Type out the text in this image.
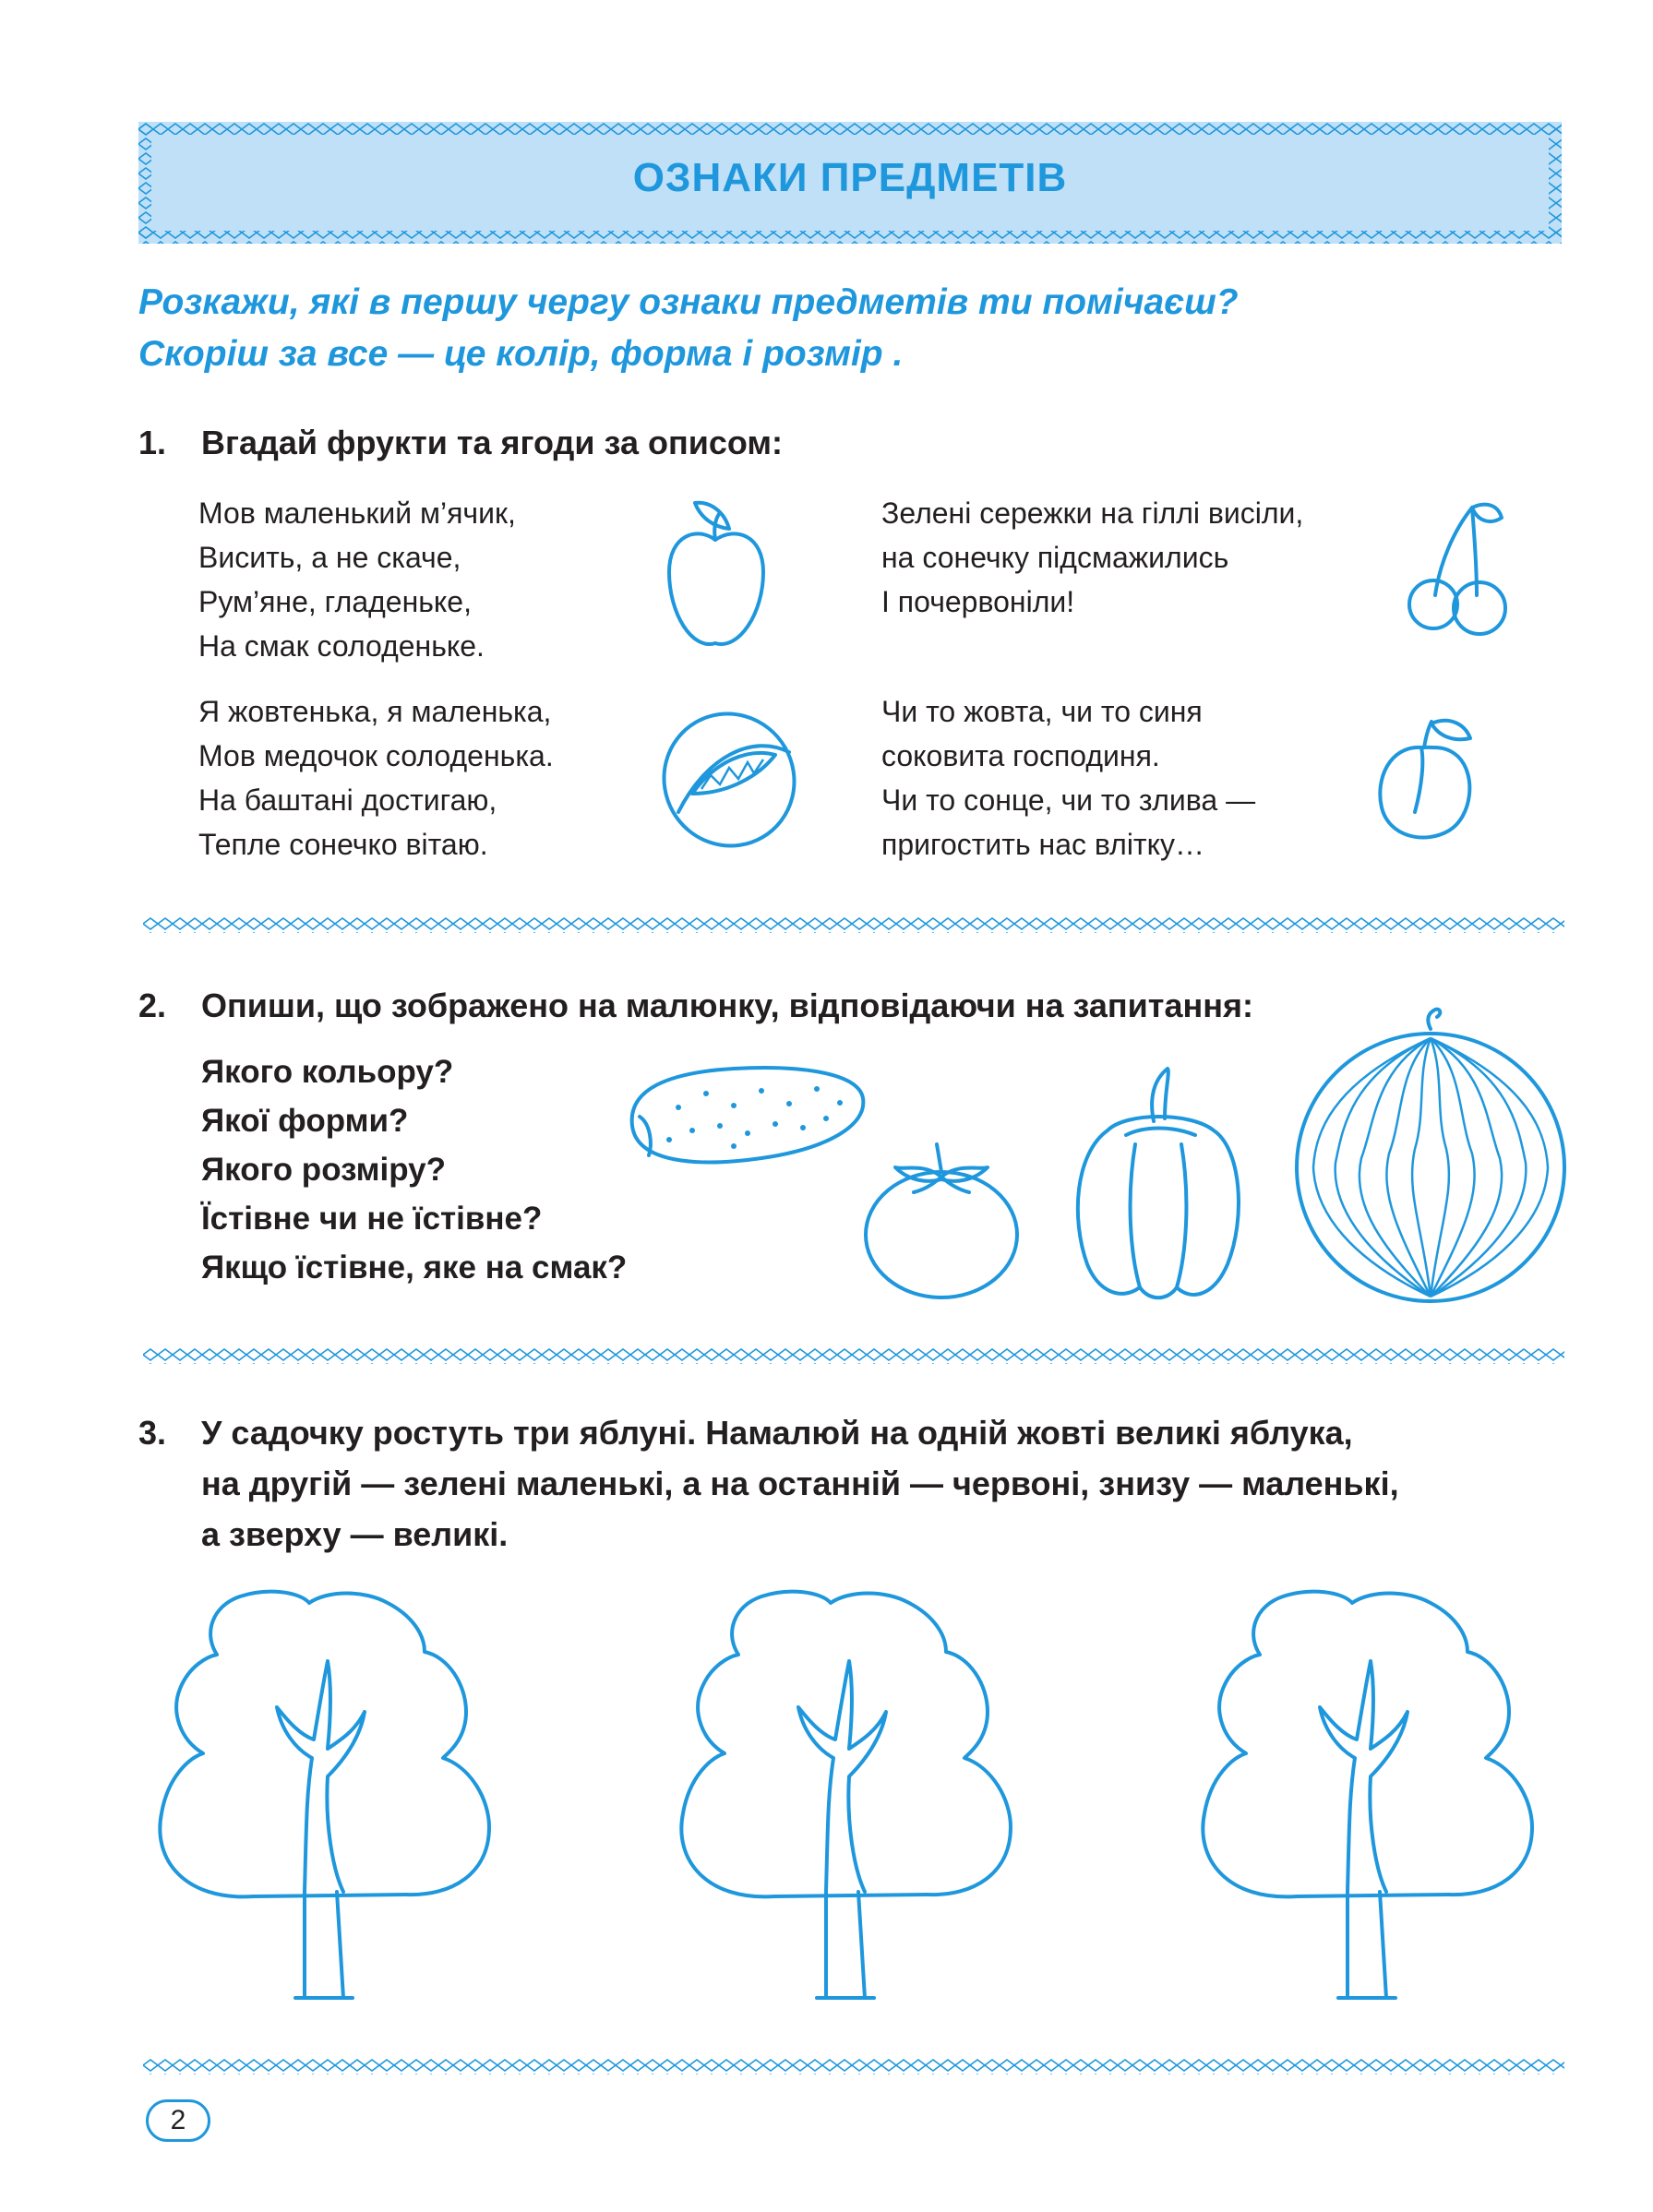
ОЗНАКИ ПРЕДМЕТІВ
Розкажи, які в першу чергу ознаки предметів ти помічаєш?
Скоріш за все — це колір, форма і розмір .
1. Вгадай фрукти та ягоди за описом:
Мов маленький м’ячик,
Висить, а не скаче,
Рум’яне, гладеньке,
На смак солоденьке.
Зелені сережки на гіллі висіли,
на сонечку підсмажились
І почервоніли!
Я жовтенька, я маленька,
Мов медочок солоденька.
На баштані достигаю,
Тепле сонечко вітаю.
Чи то жовта, чи то синя
соковита господиня.
Чи то сонце, чи то злива —
пригостить нас влітку…
2. Опиши, що зображено на малюнку, відповідаючи на запитання:
Якого кольору?
Якої форми?
Якого розміру?
Їстівне чи не їстівне?
Якщо їстівне, яке на смак?
3. У садочку ростуть три яблуні. Намалюй на одній жовті великі яблука,
на другій — зелені маленькі, а на останній — червоні, знизу — маленькі,
а зверху — великі.
2
